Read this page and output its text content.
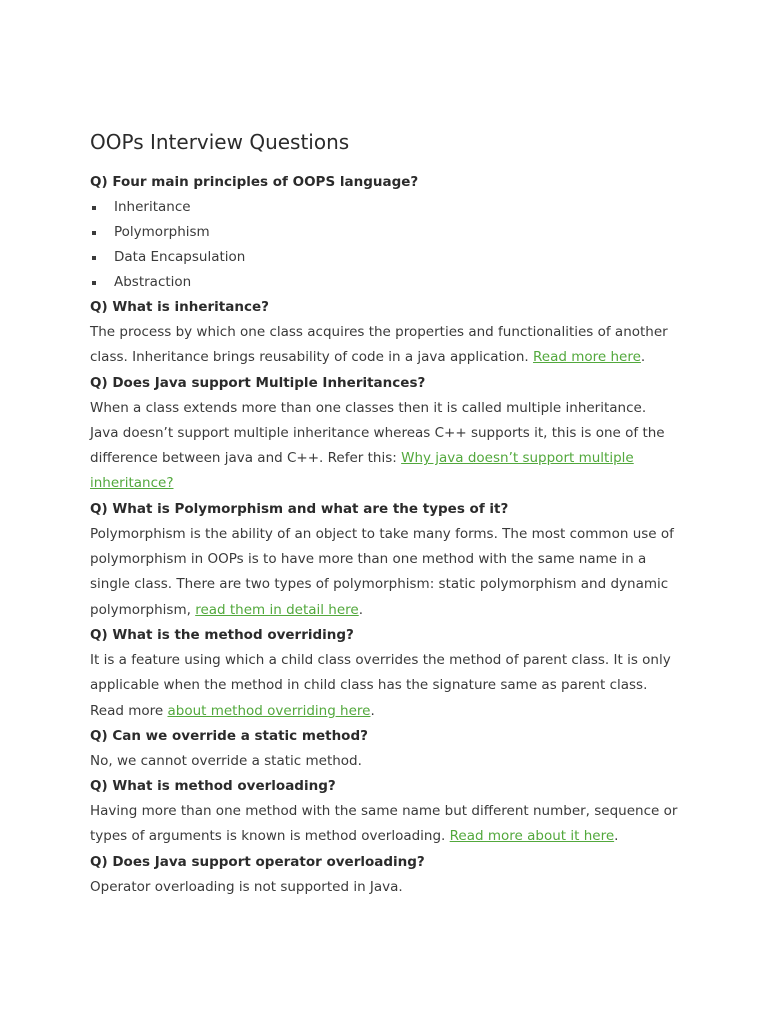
OOPs Interview Questions

Q) Four main principles of OOPS language?

Inheritance
Polymorphism
Data Encapsulation
Abstraction

Q) What is inheritance?

The process by which one class acquires the properties and functionalities of another
class. Inheritance brings reusability of code in a java application. Read more here.

Q) Does Java support Multiple Inheritances?

When a class extends more than one classes then it is called multiple inheritance.
Java doesn’t support multiple inheritance whereas C++ supports it, this is one of the
difference between java and C++. Refer this: Why java doesn’t support multiple
inheritance?

Q) What is Polymorphism and what are the types of it?

Polymorphism is the ability of an object to take many forms. The most common use of
polymorphism in OOPs is to have more than one method with the same name in a
single class. There are two types of polymorphism: static polymorphism and dynamic
polymorphism, read them in detail here.

Q) What is the method overriding?

It is a feature using which a child class overrides the method of parent class. It is only
applicable when the method in child class has the signature same as parent class.
Read more about method overriding here.

Q) Can we override a static method?

No, we cannot override a static method.

Q) What is method overloading?

Having more than one method with the same name but different number, sequence or
types of arguments is known is method overloading. Read more about it here.

Q) Does Java support operator overloading?

Operator overloading is not supported in Java.
